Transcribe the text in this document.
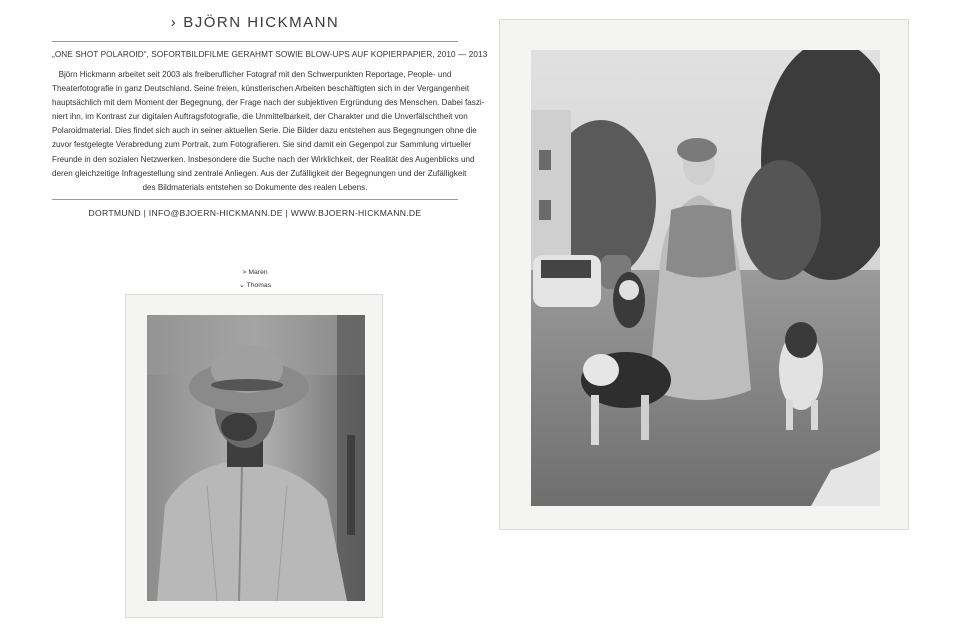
› BJÖRN HICKMANN
„ONE SHOT POLAROID“, SOFORTBILDFILME GERAHMT SOWIE BLOW-UPS AUF KOPIERPAPIER, 2010 — 2013
Björn Hickmann arbeitet seit 2003 als freiberuflicher Fotograf mit den Schwerpunkten Reportage, People- und
Theaterfotografie in ganz Deutschland. Seine freien, künstlerischen Arbeiten beschäftigten sich in der Vergangenheit
hauptsächlich mit dem Moment der Begegnung, der Frage nach der subjektiven Ergründung des Menschen. Dabei faszi-
niert ihn, im Kontrast zur digitalen Auftragsfotografie, die Unmittelbarkeit, der Charakter und die Unverfälschtheit von
Polaroidmaterial. Dies findet sich auch in seiner aktuellen Serie. Die Bilder dazu entstehen aus Begegnungen ohne die
zuvor festgelegte Verabredung zum Portrait, zum Fotografieren. Sie sind damit ein Gegenpol zur Sammlung virtueller
Freunde in den sozialen Netzwerken. Insbesondere die Suche nach der Wirklichkeit, der Realität des Augenblicks und
deren gleichzeitige Infragestellung sind zentrale Anliegen. Aus der Zufälligkeit der Begegnungen und der Zufälligkeit
des Bildmaterials entstehen so Dokumente des realen Lebens.
DORTMUND | INFO@BJOERN-HICKMANN.DE | WWW.BJOERN-HICKMANN.DE
> Maren
⌄ Thomas
